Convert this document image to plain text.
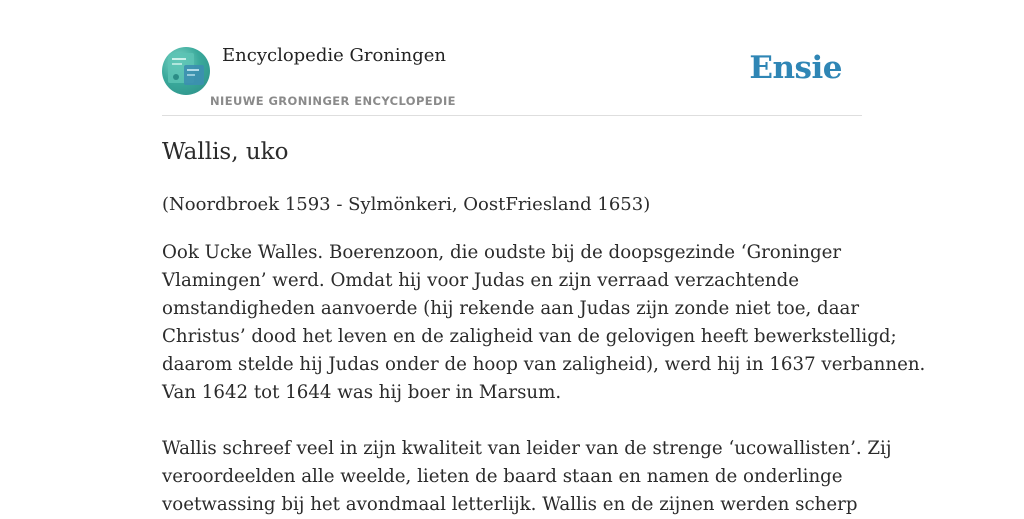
Encyclopedie Groningen
NIEUWE GRONINGER ENCYCLOPEDIE
Ensie
Wallis, uko
(Noordbroek 1593 - Sylmönkeri, OostFriesland 1653)

Ook Ucke Walles. Boerenzoon, die oudste bij de doopsgezinde ‘Groninger
Vlamingen’ werd. Omdat hij voor Judas en zijn verraad verzachtende
omstandigheden aanvoerde (hij rekende aan Judas zijn zonde niet toe, daar
Christus’ dood het leven en de zaligheid van de gelovigen heeft bewerkstelligd;
daarom stelde hij Judas onder de hoop van zaligheid), werd hij in 1637 verbannen.
Van 1642 tot 1644 was hij boer in Marsum.

Wallis schreef veel in zijn kwaliteit van leider van de strenge ‘ucowallisten’. Zij
veroordeelden alle weelde, lieten de baard staan en namen de onderlinge
voetwassing bij het avondmaal letterlijk. Wallis en de zijnen werden scherp
